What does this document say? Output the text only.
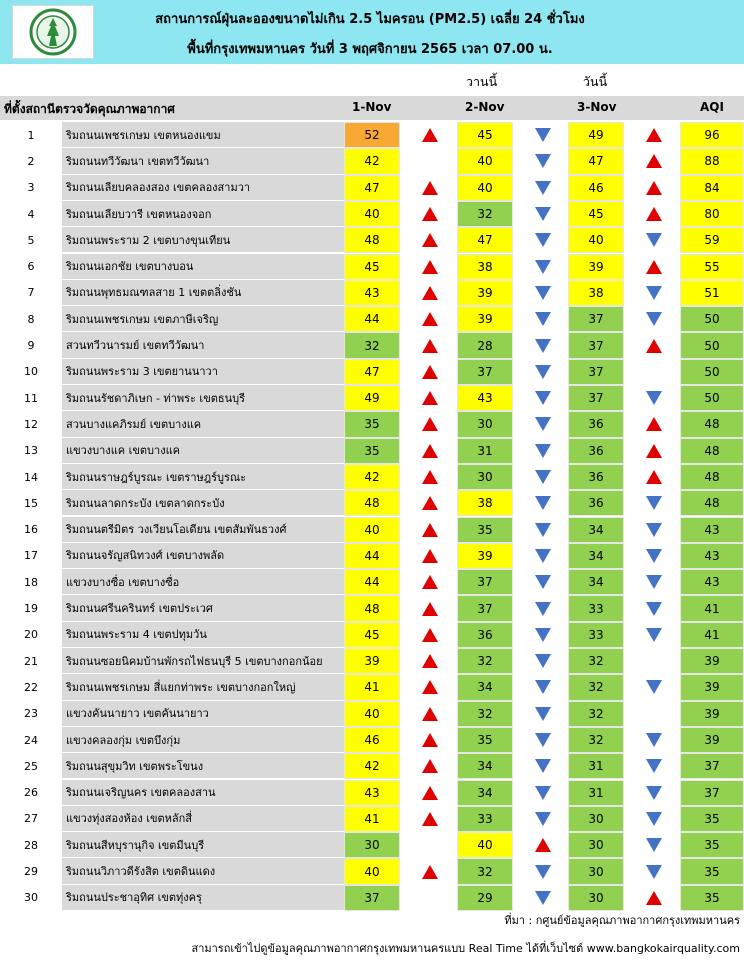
สถานการณ์ฝุ่นละอองขนาดไม่เกิน 2.5 ไมครอน (PM2.5) เฉลี่ย 24 ชั่วโมง
พื้นที่กรุงเทพมหานคร วันที่ 3 พฤศจิกายน 2565 เวลา 07.00 น.
วานนี้	วันนี้
ที่ตั้งสถานีตรวจวัดคุณภาพอากาศ	1-Nov	2-Nov	3-Nov	AQI
1	ริมถนนเพชรเกษม เขตหนองแขม	52	45	49	96
2	ริมถนนทวีวัฒนา เขตทวีวัฒนา	42	40	47	88
3	ริมถนนเลียบคลองสอง เขตคลองสามวา	47	40	46	84
4	ริมถนนเลียบวารี เขตหนองจอก	40	32	45	80
5	ริมถนนพระราม 2 เขตบางขุนเทียน	48	47	40	59
6	ริมถนนเอกชัย เขตบางบอน	45	38	39	55
7	ริมถนนพุทธมณฑลสาย 1 เขตตลิ่งชัน	43	39	38	51
8	ริมถนนเพชรเกษม เขตภาษีเจริญ	44	39	37	50
9	สวนทวีวนารมย์ เขตทวีวัฒนา	32	28	37	50
10	ริมถนนพระราม 3 เขตยานนาวา	47	37	37	50
11	ริมถนนรัชดาภิเษก - ท่าพระ เขตธนบุรี	49	43	37	50
12	สวนบางแคภิรมย์ เขตบางแค	35	30	36	48
13	แขวงบางแค เขตบางแค	35	31	36	48
14	ริมถนนราษฎร์บูรณะ เขตราษฎร์บูรณะ	42	30	36	48
15	ริมถนนลาดกระบัง เขตลาดกระบัง	48	38	36	48
16	ริมถนนตรีมิตร วงเวียนโอเดียน เขตสัมพันธวงศ์	40	35	34	43
17	ริมถนนจรัญสนิทวงศ์ เขตบางพลัด	44	39	34	43
18	แขวงบางซื่อ เขตบางซื่อ	44	37	34	43
19	ริมถนนศรีนครินทร์ เขตประเวศ	48	37	33	41
20	ริมถนนพระราม 4 เขตปทุมวัน	45	36	33	41
21	ริมถนนซอยนิคมบ้านพักรถไฟธนบุรี 5 เขตบางกอกน้อย	39	32	32	39
22	ริมถนนเพชรเกษม สี่แยกท่าพระ เขตบางกอกใหญ่	41	34	32	39
23	แขวงคันนายาว เขตคันนายาว	40	32	32	39
24	แขวงคลองกุ่ม เขตบึงกุ่ม	46	35	32	39
25	ริมถนนสุขุมวิท เขตพระโขนง	42	34	31	37
26	ริมถนนเจริญนคร เขตคลองสาน	43	34	31	37
27	แขวงทุ่งสองห้อง เขตหลักสี่	41	33	30	35
28	ริมถนนสีหบุรานุกิจ เขตมีนบุรี	30	40	30	35
29	ริมถนนวิภาวดีรังสิต เขตดินแดง	40	32	30	35
30	ริมถนนประชาอุทิศ เขตทุ่งครุ	37	29	30	35
ที่มา : กศูนย์ข้อมูลคุณภาพอากาศกรุงเทพมหานคร
สามารถเข้าไปดูข้อมูลคุณภาพอากาศกรุงเทพมหานครแบบ Real Time ได้ที่เว็บไซต์ www.bangkokairquality.com
